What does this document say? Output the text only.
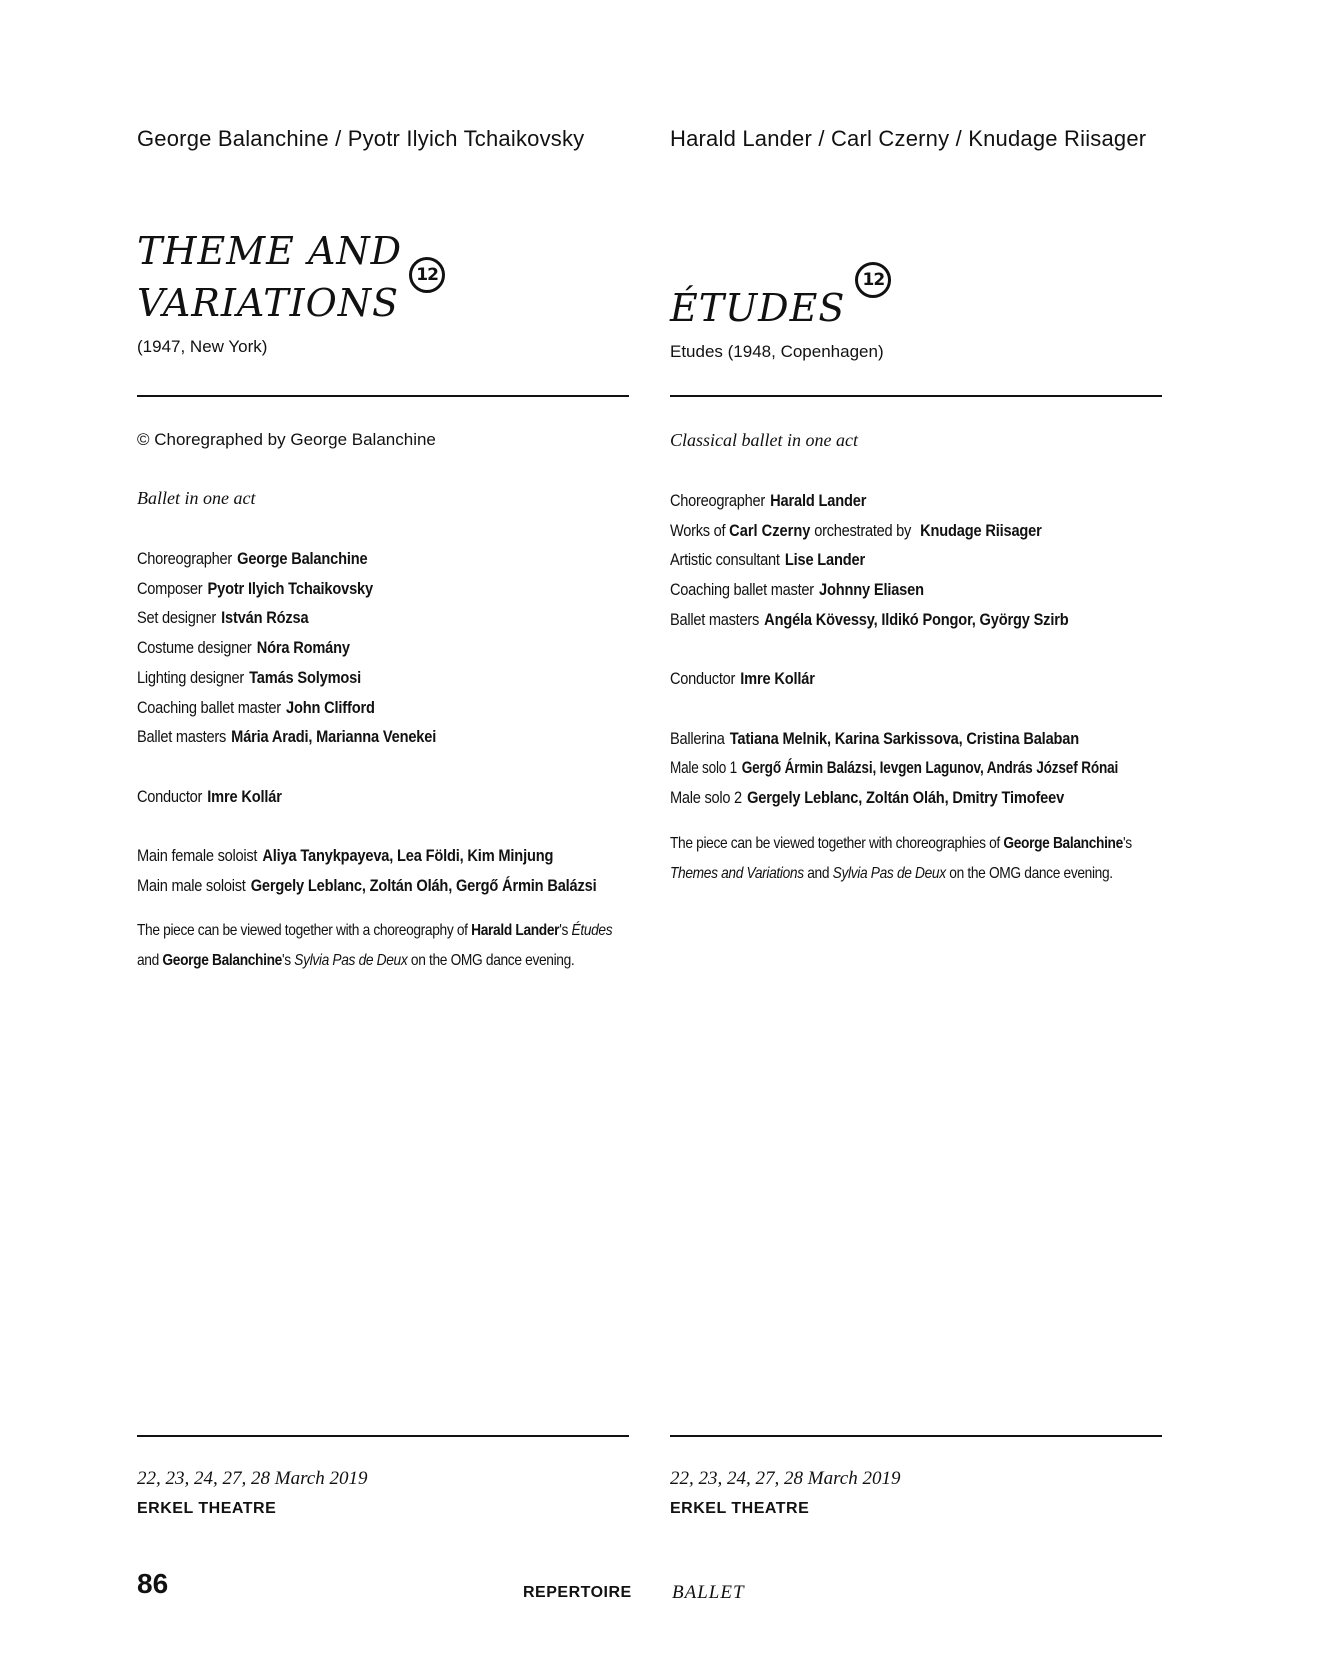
George Balanchine / Pyotr Ilyich Tchaikovsky
THEME AND
VARIATIONS
12
(1947, New York)
© Choregraphed by George Balanchine
Ballet in one act
Choreographer George Balanchine
Composer Pyotr Ilyich Tchaikovsky
Set designer István Rózsa
Costume designer Nóra Romány
Lighting designer Tamás Solymosi
Coaching ballet master John Clifford
Ballet masters Mária Aradi, Marianna Venekei
Conductor Imre Kollár
Main female soloist Aliya Tanykpayeva, Lea Földi, Kim Minjung
Main male soloist Gergely Leblanc, Zoltán Oláh, Gergő Ármin Balázsi
The piece can be viewed together with a choreography of Harald Lander's Études and George Balanchine's Sylvia Pas de Deux on the OMG dance evening.
22, 23, 24, 27, 28 March 2019
ERKEL THEATRE
Harald Lander / Carl Czerny / Knudage Riisager
ÉTUDES
12
Etudes (1948, Copenhagen)
Classical ballet in one act
Choreographer Harald Lander
Works of Carl Czerny orchestrated by Knudage Riisager
Artistic consultant Lise Lander
Coaching ballet master Johnny Eliasen
Ballet masters Angéla Kövessy, Ildikó Pongor, György Szirb
Conductor Imre Kollár
Ballerina Tatiana Melnik, Karina Sarkissova, Cristina Balaban
Male solo 1 Gergő Ármin Balázsi, Ievgen Lagunov, András József Rónai
Male solo 2 Gergely Leblanc, Zoltán Oláh, Dmitry Timofeev
The piece can be viewed together with choreographies of George Balanchine's Themes and Variations and Sylvia Pas de Deux on the OMG dance evening.
22, 23, 24, 27, 28 March 2019
ERKEL THEATRE
86	REPERTOIRE BALLET
